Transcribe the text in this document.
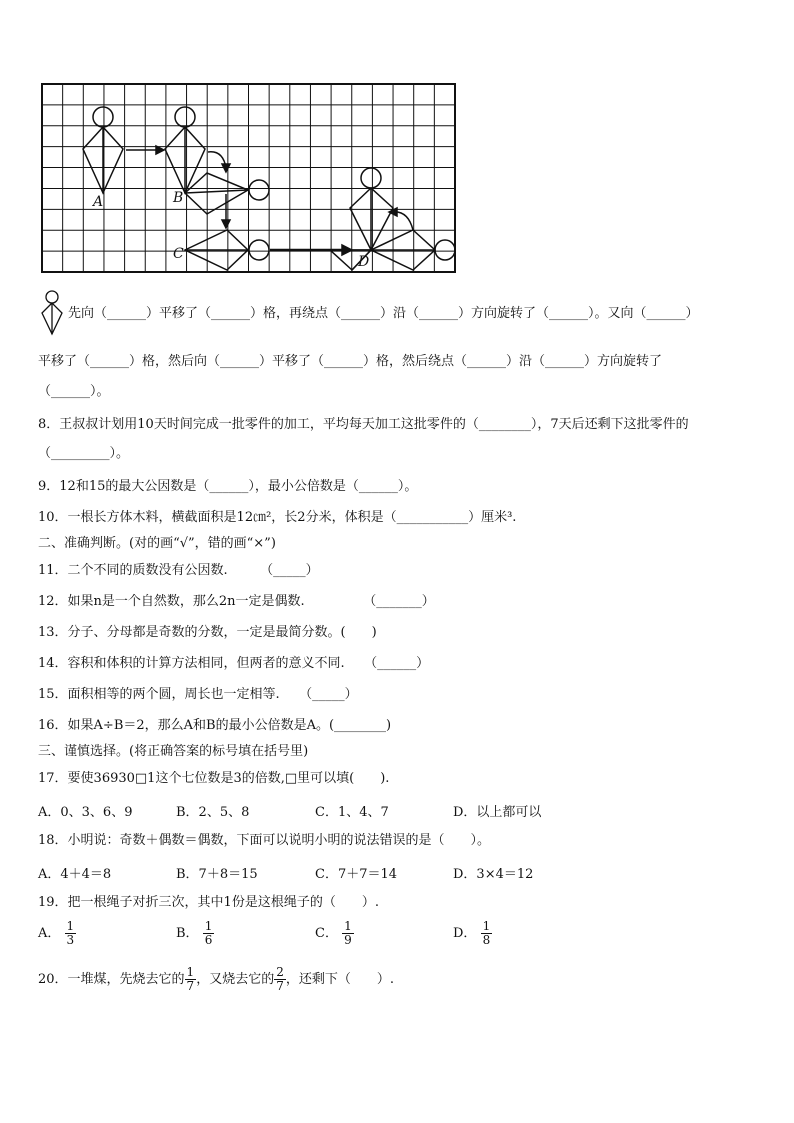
A	B
C	D
先向（______）平移了（______）格，再绕点（______）沿（______）方向旋转了（______）。又向（______）
平移了（______）格，然后向（______）平移了（______）格，然后绕点（______）沿（______）方向旋转了
（______）。
8．王叔叔计划用10天时间完成一批零件的加工，平均每天加工这批零件的（________），7天后还剩下这批零件的
（_________）。
9．12和15的最大公因数是（______），最小公倍数是（______）。
10．一根长方体木料，横截面积是12㎝²，长2分米，体积是（___________）厘米³.
二、准确判断。(对的画“√”，错的画“×”)
11．二个不同的质数没有公因数.　　　（_____）
12．如果n是一个自然数，那么2n一定是偶数.　　　　　（_______）
13．分子、分母都是奇数的分数，一定是最简分数。(　　)
14．容积和体积的计算方法相同，但两者的意义不同.　　（______）
15．面积相等的两个圆，周长也一定相等.　　（_____）
16．如果A÷B＝2，那么A和B的最小公倍数是A。(________)
三、谨慎选择。(将正确答案的标号填在括号里)
17．要使36930□1这个七位数是3的倍数,□里可以填(　　).
A．0、3、6、9	B．2、5、8	C．1、4、7	D．以上都可以
18．小明说：奇数＋偶数＝偶数，下面可以说明小明的说法错误的是（　　）。
A．4＋4＝8	B．7＋8＝15	C．7＋7＝14	D．3×4＝12
19．把一根绳子对折三次，其中1份是这根绳子的（　　）.
A． $\frac{1}{3}$	B． $\frac{1}{6}$	C． $\frac{1}{9}$	D． $\frac{1}{8}$
20．一堆煤，先烧去它的 $\frac{1}{7}$ ，又烧去它的 $\frac{2}{7}$ ，还剩下（　　）.
